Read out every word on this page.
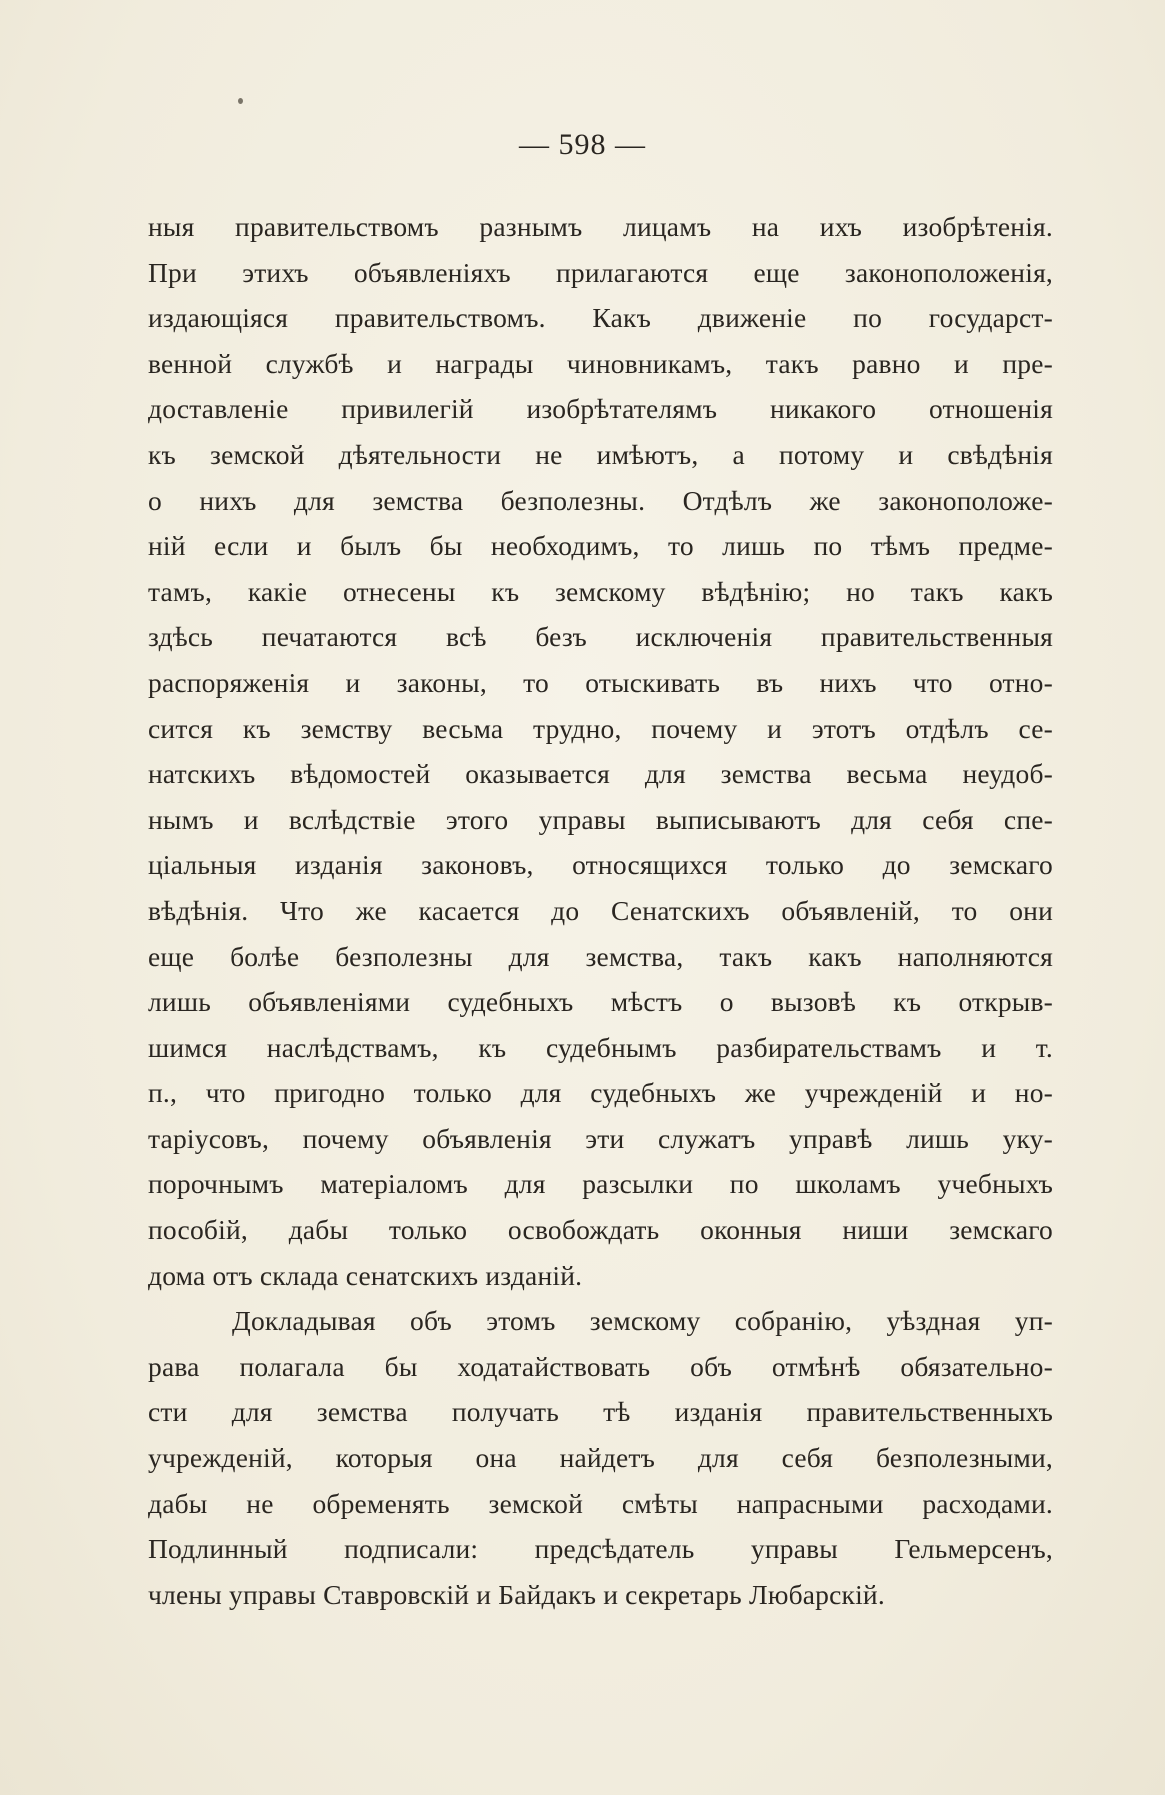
— 598 —
ныя правительствомъ разнымъ лицамъ на ихъ изобрѣтенія.
При этихъ объявленіяхъ прилагаются еще законоположенія,
издающіяся правительствомъ. Какъ движеніе по государст-
венной службѣ и награды чиновникамъ, такъ равно и пре-
доставленіе привилегій изобрѣтателямъ никакого отношенія
къ земской дѣятельности не имѣютъ, а потому и свѣдѣнія
о нихъ для земства безполезны. Отдѣлъ же законоположе-
ній если и былъ бы необходимъ, то лишь по тѣмъ предме-
тамъ, какіе отнесены къ земскому вѣдѣнію; но такъ какъ
здѣсь печатаются всѣ безъ исключенія правительственныя
распоряженія и законы, то отыскивать въ нихъ что отно-
сится къ земству весьма трудно, почему и этотъ отдѣлъ се-
натскихъ вѣдомостей оказывается для земства весьма неудоб-
нымъ и вслѣдствіе этого управы выписываютъ для себя спе-
ціальныя изданія законовъ, относящихся только до земскаго
вѣдѣнія. Что же касается до Сенатскихъ объявленій, то они
еще болѣе безполезны для земства, такъ какъ наполняются
лишь объявленіями судебныхъ мѣстъ о вызовѣ къ открыв-
шимся наслѣдствамъ, къ судебнымъ разбирательствамъ и т.
п., что пригодно только для судебныхъ же учрежденій и но-
таріусовъ, почему объявленія эти служатъ управѣ лишь уку-
порочнымъ матеріаломъ для разсылки по школамъ учебныхъ
пособій, дабы только освобождать оконныя ниши земскаго
дома отъ склада сенатскихъ изданій.
Докладывая объ этомъ земскому собранію, уѣздная уп-
рава полагала бы ходатайствовать объ отмѣнѣ обязательно-
сти для земства получать тѣ изданія правительственныхъ
учрежденій, которыя она найдетъ для себя безполезными,
дабы не обременять земской смѣты напрасными расходами.
Подлинный подписали: предсѣдатель управы Гельмерсенъ,
члены управы Ставровскій и Байдакъ и секретарь Любарскій.
